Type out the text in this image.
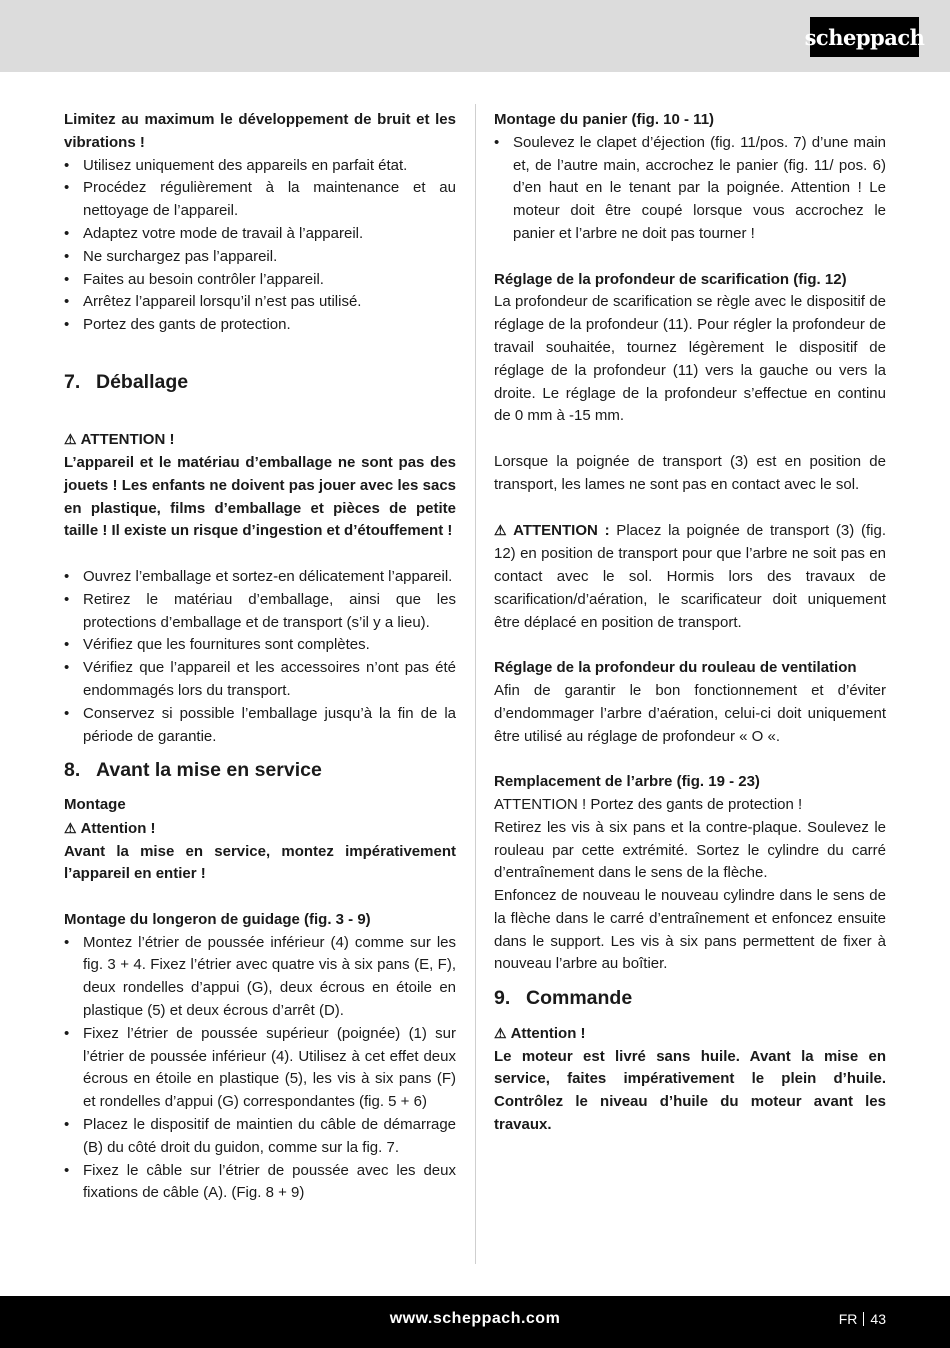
scheppach

Limitez au maximum le développement de bruit et les vibrations !

• Utilisez uniquement des appareils en parfait état.
• Procédez régulièrement à la maintenance et au nettoyage de l’appareil.
• Adaptez votre mode de travail à l’appareil.
• Ne surchargez pas l’appareil.
• Faites au besoin contrôler l’appareil.
• Arrêtez l’appareil lorsqu’il n’est pas utilisé.
• Portez des gants de protection.
7. Déballage

⚠ ATTENTION !

L’appareil et le matériau d’emballage ne sont pas des jouets ! Les enfants ne doivent pas jouer avec les sacs en plastique, films d’emballage et pièces de petite taille ! Il existe un risque d’ingestion et d’étouffement !

• Ouvrez l’emballage et sortez-en délicatement l’appareil.
• Retirez le matériau d’emballage, ainsi que les protections d’emballage et de transport (s’il y a lieu).
• Vérifiez que les fournitures sont complètes.
• Vérifiez que l’appareil et les accessoires n’ont pas été endommagés lors du transport.
• Conservez si possible l’emballage jusqu’à la fin de la période de garantie.
8. Avant la mise en service

Montage

⚠ Attention !

Avant la mise en service, montez impérativement l’appareil en entier !

Montage du longeron de guidage (fig. 3 - 9)

• Montez l’étrier de poussée inférieur (4) comme sur les fig. 3 + 4. Fixez l’étrier avec quatre vis à six pans (E, F), deux rondelles d’appui (G), deux écrous en étoile en plastique (5) et deux écrous d’arrêt (D).
• Fixez l’étrier de poussée supérieur (poignée) (1) sur l’étrier de poussée inférieur (4). Utilisez à cet effet deux écrous en étoile en plastique (5), les vis à six pans (F) et rondelles d’appui (G) correspondantes (fig. 5 + 6)
• Placez le dispositif de maintien du câble de démarrage (B) du côté droit du guidon, comme sur la fig. 7.
• Fixez le câble sur l’étrier de poussée avec les deux fixations de câble (A). (Fig. 8 + 9)

Montage du panier (fig. 10 - 11)

• Soulevez le clapet d’éjection (fig. 11/pos. 7) d’une main et, de l’autre main, accrochez le panier (fig. 11/ pos. 6) d’en haut en le tenant par la poignée. Attention ! Le moteur doit être coupé lorsque vous accrochez le panier et l’arbre ne doit pas tourner !

Réglage de la profondeur de scarification (fig. 12)

La profondeur de scarification se règle avec le dispositif de réglage de la profondeur (11). Pour régler la profondeur de travail souhaitée, tournez légèrement le dispositif de réglage de la profondeur (11) vers la gauche ou vers la droite. Le réglage de la profondeur s’effectue en continu de 0 mm à -15 mm.

Lorsque la poignée de transport (3) est en position de transport, les lames ne sont pas en contact avec le sol.

⚠ ATTENTION : Placez la poignée de transport (3) (fig. 12) en position de transport pour que l’arbre ne soit pas en contact avec le sol. Hormis lors des travaux de scarification/d’aération, le scarificateur doit uniquement être déplacé en position de transport.

Réglage de la profondeur du rouleau de ventilation

Afin de garantir le bon fonctionnement et d’éviter d’endommager l’arbre d’aération, celui-ci doit uniquement être utilisé au réglage de profondeur « O «.

Remplacement de l’arbre (fig. 19 - 23)

ATTENTION ! Portez des gants de protection !

Retirez les vis à six pans et la contre-plaque. Soulevez le rouleau par cette extrémité. Sortez le cylindre du carré d’entraînement dans le sens de la flèche.

Enfoncez de nouveau le nouveau cylindre dans le sens de la flèche dans le carré d’entraînement et enfoncez ensuite dans le support. Les vis à six pans permettent de fixer à nouveau l’arbre au boîtier.

9. Commande

⚠ Attention !

Le moteur est livré sans huile. Avant la mise en service, faites impérativement le plein d’huile. Contrôlez le niveau d’huile du moteur avant les travaux.

www.scheppach.com	FR 43
